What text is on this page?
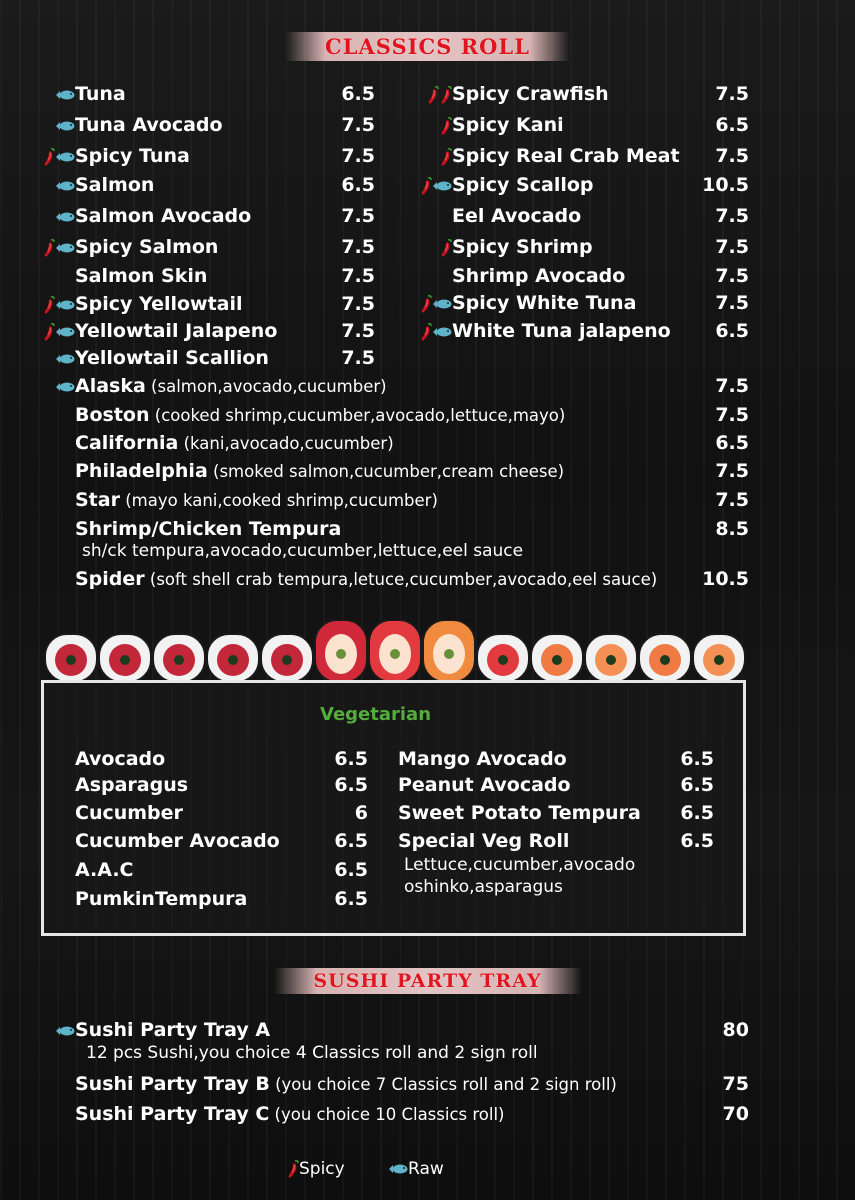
CLASSICS ROLL
Tuna	6.5
Tuna Avocado	7.5
Spicy Tuna	7.5
Salmon	6.5
Salmon Avocado	7.5
Spicy Salmon	7.5
Salmon Skin	7.5
Spicy Yellowtail	7.5
Yellowtail Jalapeno	7.5
Yellowtail Scallion	7.5
Spicy Crawfish	7.5
Spicy Kani	6.5
Spicy Real Crab Meat 7.5
Spicy Scallop	10.5
Eel Avocado	7.5
Spicy Shrimp	7.5
Shrimp Avocado	7.5
Spicy White Tuna	7.5
White Tuna jalapeno 6.5
Alaska (salmon,avocado,cucumber)	7.5
Boston (cooked shrimp,cucumber,avocado,lettuce,mayo)	7.5
California (kani,avocado,cucumber)	6.5
Philadelphia (smoked salmon,cucumber,cream cheese)	7.5
Star (mayo kani,cooked shrimp,cucumber)	7.5
Shrimp/Chicken Tempura	8.5
sh/ck tempura,avocado,cucumber,lettuce,eel sauce
Spider (soft shell crab tempura,letuce,cucumber,avocado,eel sauce) 10.5
Vegetarian
Avocado	6.5
Asparagus	6.5
Cucumber	6
Cucumber Avocado	6.5
A.A.C	6.5
PumkinTempura	6.5
Mango Avocado	6.5
Peanut Avocado	6.5
Sweet Potato Tempura 6.5
Special Veg Roll	6.5
Lettuce,cucumber,avocado
oshinko,asparagus
SUSHI PARTY TRAY
Sushi Party Tray A	80
12 pcs Sushi,you choice 4 Classics roll and 2 sign roll
Sushi Party Tray B (you choice 7 Classics roll and 2 sign roll)	75
Sushi Party Tray C (you choice 10 Classics roll)	70
Spicy	Raw
